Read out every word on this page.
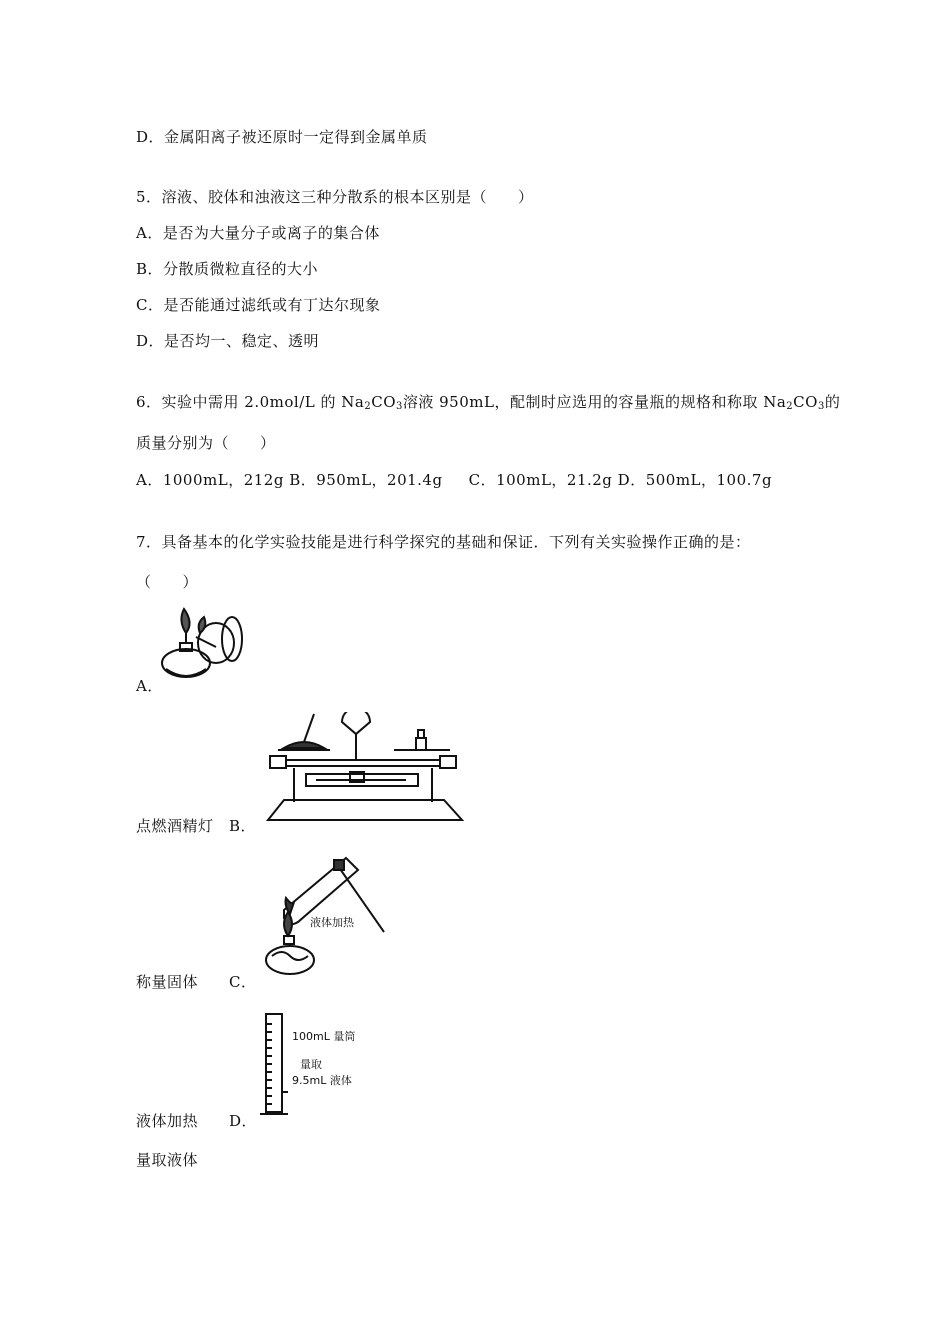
D．金属阳离子被还原时一定得到金属单质
5．溶液、胶体和浊液这三种分散系的根本区别是（　　）
A．是否为大量分子或离子的集合体
B．分散质微粒直径的大小
C．是否能通过滤纸或有丁达尔现象
D．是否均一、稳定、透明
6．实验中需用 2.0mol/L 的 $Na_2CO_3$溶液 950mL，配制时应选用的容量瓶的规格和称取 $Na_2CO_3$的
质量分别为（　　）
A．1000mL，212g B．950mL，201.4g 　 C．100mL，21.2g D．500mL，100.7g
7．具备基本的化学实验技能是进行科学探究的基础和保证．下列有关实验操作正确的是：
（　　）
A．
点燃酒精灯　B．
液体加热
称量固体　　C．
100mL 量筒
量取
9.5mL 液体
液体加热　　D．
量取液体
